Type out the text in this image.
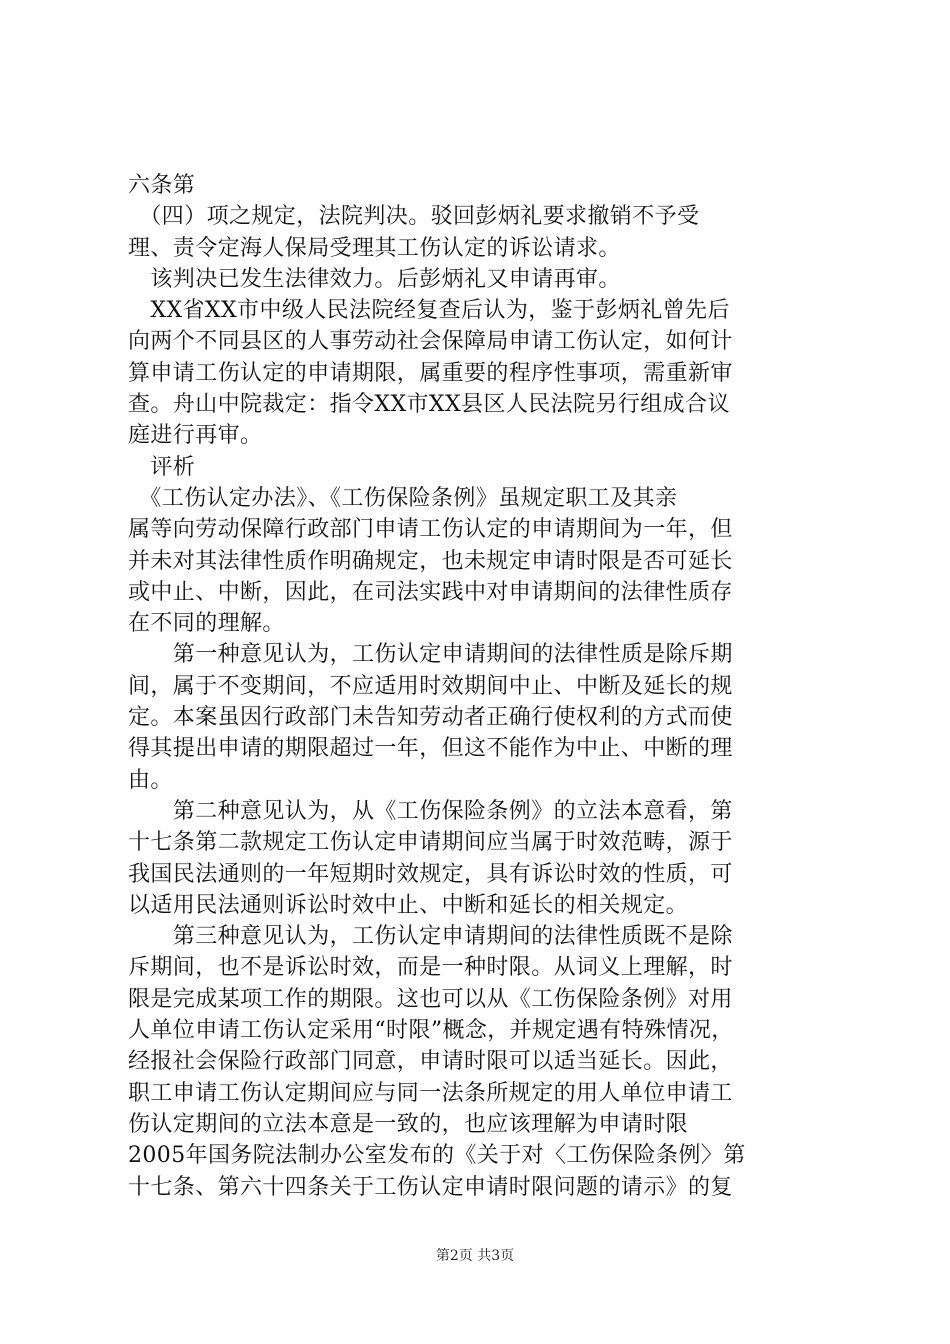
六条第
　（四）项之规定，法院判决。驳回彭炳礼要求撤销不予受
理、责令定海人保局受理其工伤认定的诉讼请求。
　该判决已发生法律效力。后彭炳礼又申请再审。
　XX省XX市中级人民法院经复查后认为，鉴于彭炳礼曾先后
向两个不同县区的人事劳动社会保障局申请工伤认定，如何计
算申请工伤认定的申请期限，属重要的程序性事项，需重新审
查。舟山中院裁定：指令XX市XX县区人民法院另行组成合议
庭进行再审。
　评析
　《工伤认定办法》、《工伤保险条例》虽规定职工及其亲
属等向劳动保障行政部门申请工伤认定的申请期间为一年，但
并未对其法律性质作明确规定，也未规定申请时限是否可延长
或中止、中断，因此，在司法实践中对申请期间的法律性质存
在不同的理解。
　　第一种意见认为，工伤认定申请期间的法律性质是除斥期
间，属于不变期间，不应适用时效期间中止、中断及延长的规
定。本案虽因行政部门未告知劳动者正确行使权利的方式而使
得其提出申请的期限超过一年，但这不能作为中止、中断的理
由。
　　第二种意见认为，从《工伤保险条例》的立法本意看，第
十七条第二款规定工伤认定申请期间应当属于时效范畴，源于
我国民法通则的一年短期时效规定，具有诉讼时效的性质，可
以适用民法通则诉讼时效中止、中断和延长的相关规定。
　　第三种意见认为，工伤认定申请期间的法律性质既不是除
斥期间，也不是诉讼时效，而是一种时限。从词义上理解，时
限是完成某项工作的期限。这也可以从《工伤保险条例》对用
人单位申请工伤认定采用“时限”概念，并规定遇有特殊情况，
经报社会保险行政部门同意，申请时限可以适当延长。因此，
职工申请工伤认定期间应与同一法条所规定的用人单位申请工
伤认定期间的立法本意是一致的，也应该理解为申请时限
2005年国务院法制办公室发布的《关于对〈工伤保险条例〉第
十七条、第六十四条关于工伤认定申请时限问题的请示》的复
第2页 共3页
